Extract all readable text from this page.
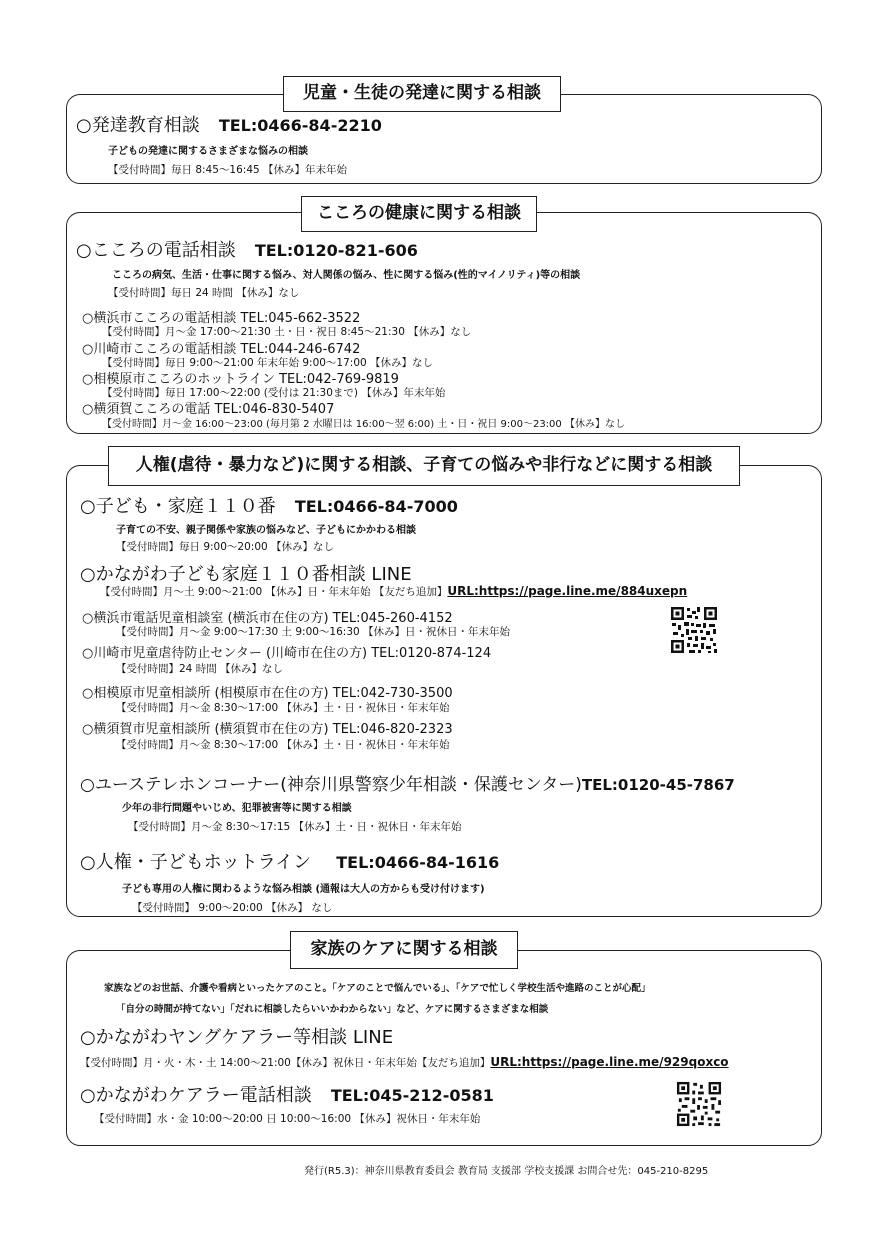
児童・生徒の発達に関する相談
○発達教育相談 TEL:0466-84-2210
子どもの発達に関するさまざまな悩みの相談
【受付時間】毎日 8:45～16:45 【休み】年末年始
こころの健康に関する相談
○こころの電話相談 TEL:0120-821-606
こころの病気、生活・仕事に関する悩み、対人関係の悩み、性に関する悩み(性的マイノリティ)等の相談
【受付時間】毎日 24 時間 【休み】なし
○横浜市こころの電話相談 TEL:045-662-3522
【受付時間】月～金 17:00～21:30 土・日・祝日 8:45～21:30 【休み】なし
○川崎市こころの電話相談 TEL:044-246-6742
【受付時間】毎日 9:00～21:00 年末年始 9:00～17:00 【休み】なし
○相模原市こころのホットライン TEL:042-769-9819
【受付時間】毎日 17:00～22:00 (受付は 21:30まで) 【休み】年末年始
○横須賀こころの電話 TEL:046-830-5407
【受付時間】月～金 16:00～23:00 (毎月第 2 水曜日は 16:00～翌 6:00) 土・日・祝日 9:00～23:00 【休み】なし
人権(虐待・暴力など)に関する相談、子育ての悩みや非行などに関する相談
○子ども・家庭１１０番 TEL:0466-84-7000
子育ての不安、親子関係や家族の悩みなど、子どもにかかわる相談
【受付時間】毎日 9:00～20:00 【休み】なし
○かながわ子ども家庭１１０番相談 LINE
【受付時間】月～土 9:00～21:00 【休み】日・年末年始 【友だち追加】URL:https://page.line.me/884uxepn
○横浜市電話児童相談室 (横浜市在住の方) TEL:045-260-4152
【受付時間】月～金 9:00～17:30 土 9:00～16:30 【休み】日・祝休日・年末年始
○川崎市児童虐待防止センター (川崎市在住の方) TEL:0120-874-124
【受付時間】24 時間 【休み】なし
○相模原市児童相談所 (相模原市在住の方) TEL:042-730-3500
【受付時間】月～金 8:30～17:00 【休み】土・日・祝休日・年末年始
○横須賀市児童相談所 (横須賀市在住の方) TEL:046-820-2323
【受付時間】月～金 8:30～17:00 【休み】土・日・祝休日・年末年始
○ユーステレホンコーナー(神奈川県警察少年相談・保護センター)TEL:0120-45-7867
少年の非行問題やいじめ、犯罪被害等に関する相談
【受付時間】月～金 8:30～17:15 【休み】土・日・祝休日・年末年始
○人権・子どもホットライン TEL:0466-84-1616
子ども専用の人権に関わるような悩み相談 (通報は大人の方からも受け付けます)
【受付時間】 9:00～20:00 【休み】 なし
家族のケアに関する相談
家族などのお世話、介護や看病といったケアのこと。「ケアのことで悩んでいる」、「ケアで忙しく学校生活や進路のことが心配」
「自分の時間が持てない」「だれに相談したらいいかわからない」など、ケアに関するさまざまな相談
○かながわヤングケアラー等相談 LINE
【受付時間】月・火・木・土 14:00～21:00【休み】祝休日・年末年始【友だち追加】URL:https://page.line.me/929qoxco
○かながわケアラー電話相談 TEL:045-212-0581
【受付時間】水・金 10:00～20:00 日 10:00～16:00 【休み】祝休日・年末年始
発行(R5.3)：神奈川県教育委員会 教育局 支援部 学校支援課 お問合せ先：045-210-8295
